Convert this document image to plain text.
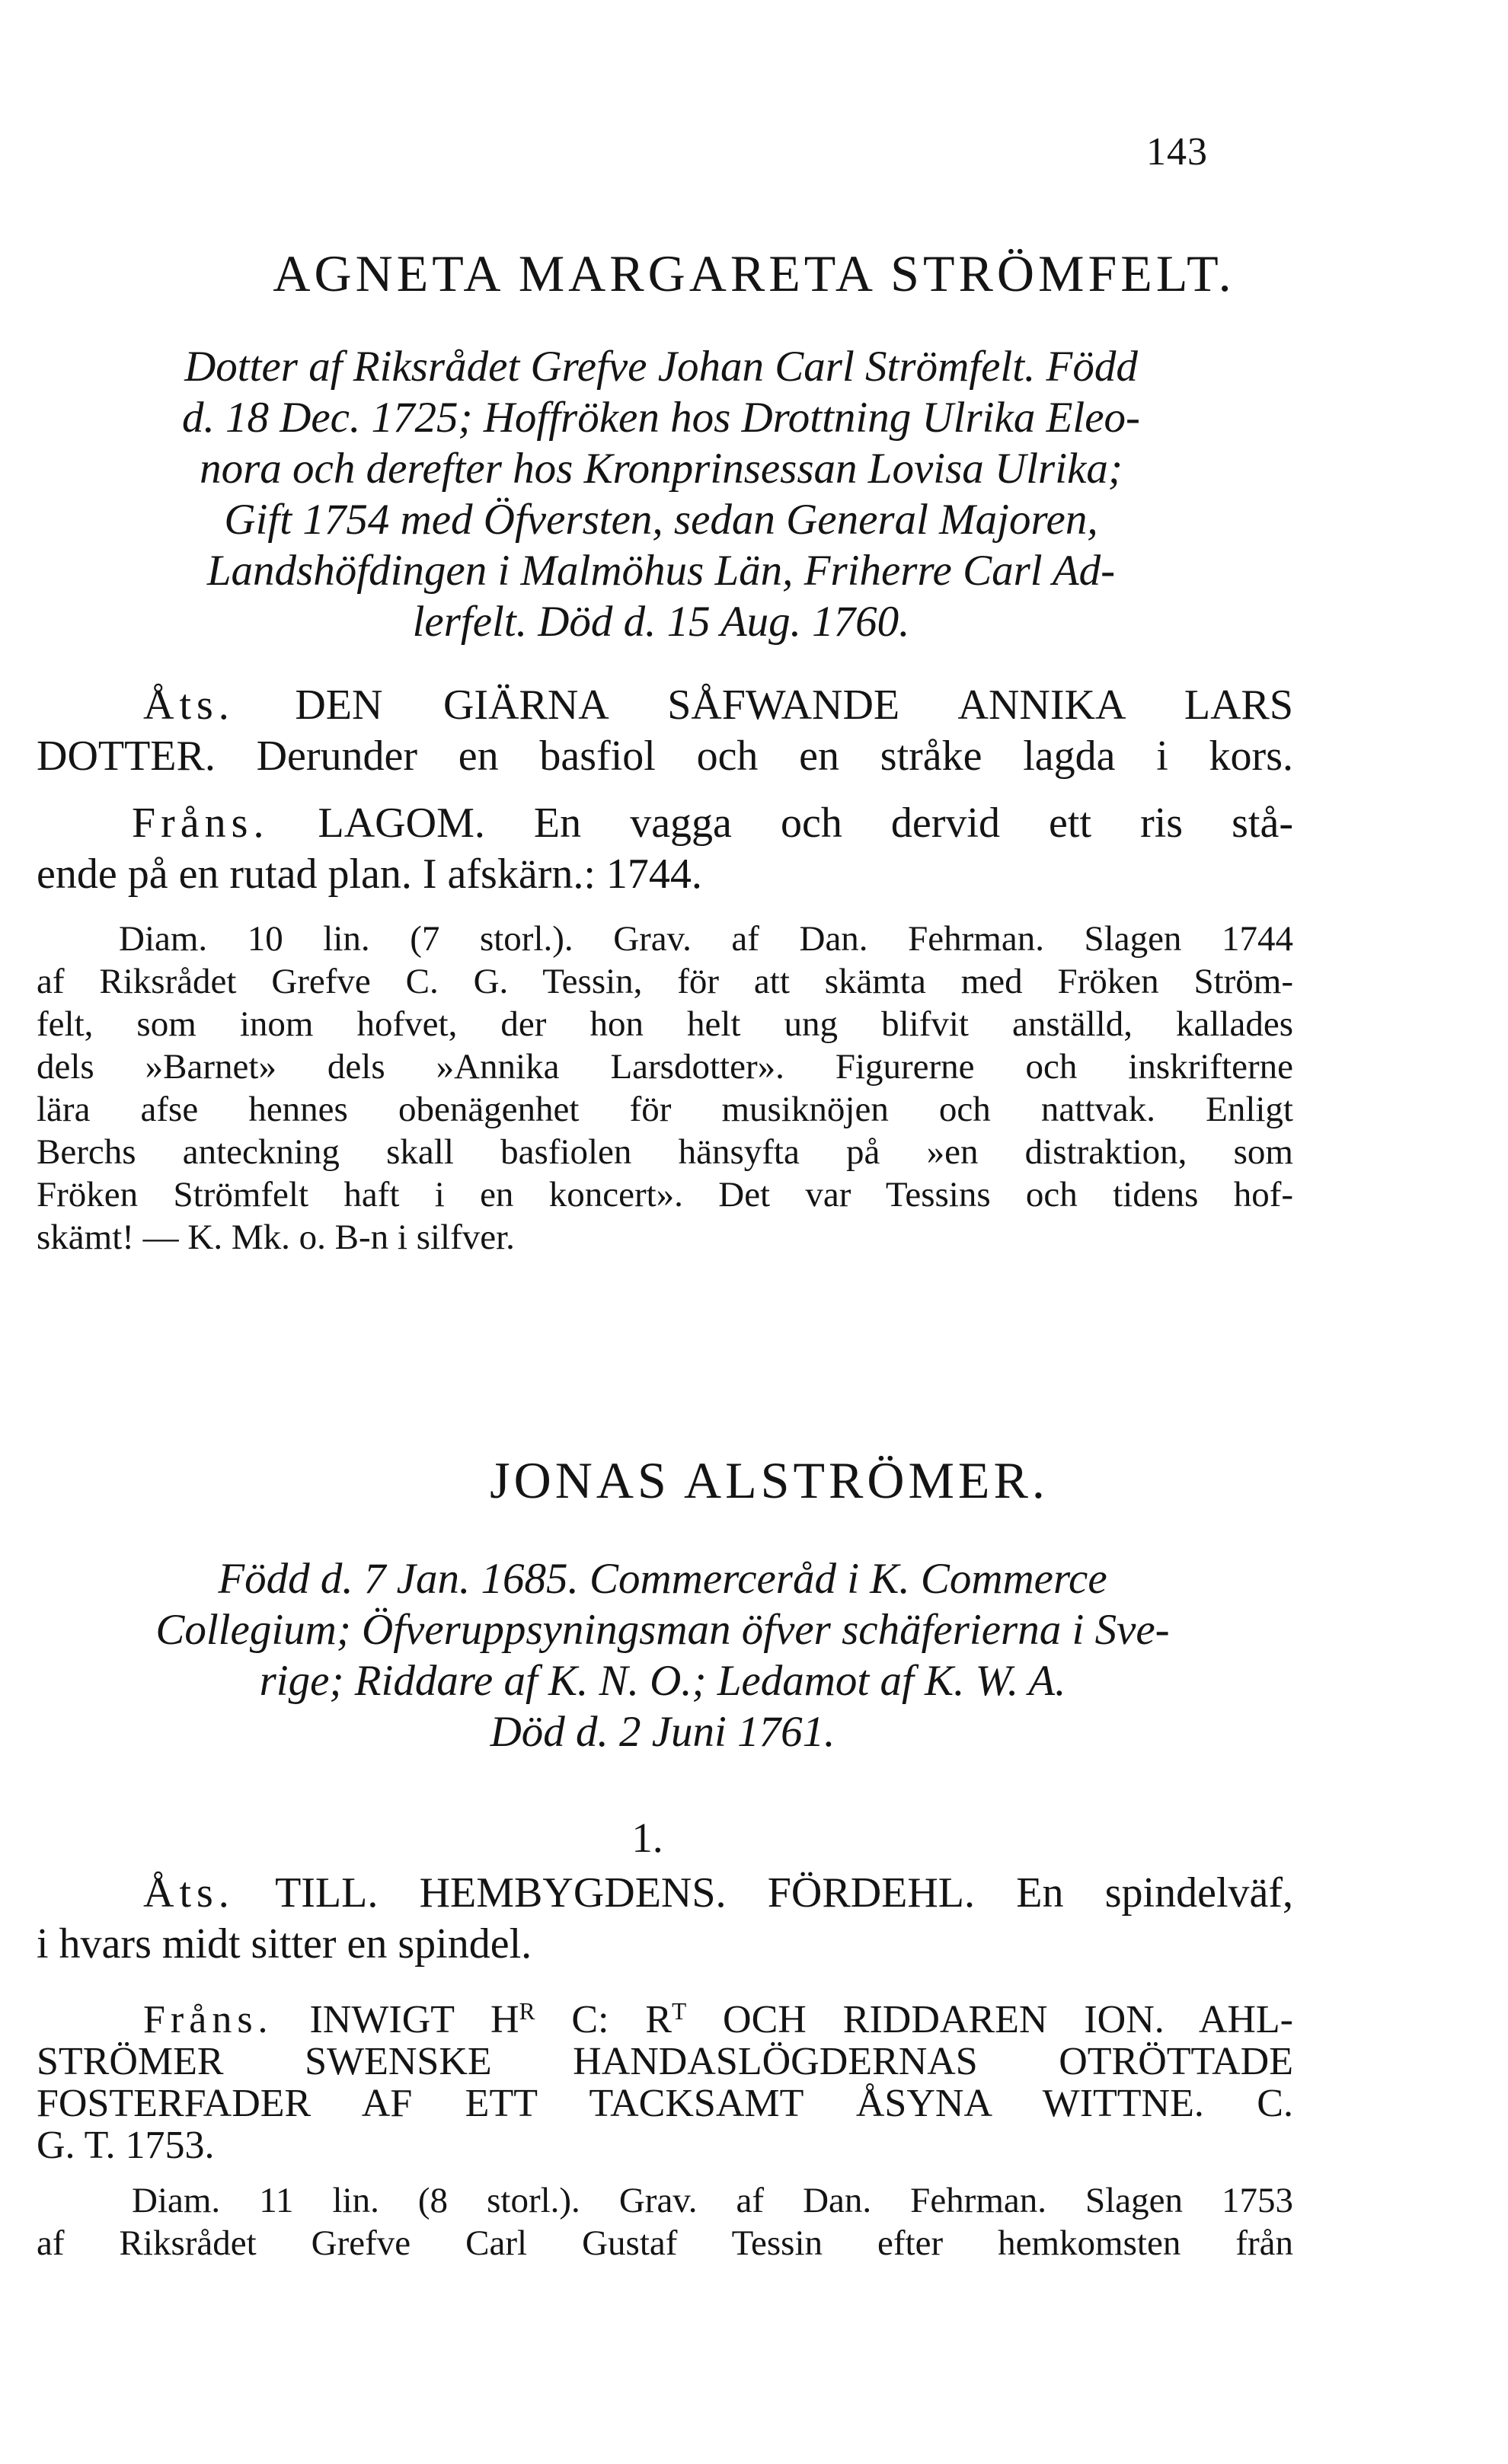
143
AGNETA MARGARETA STRÖMFELT.

Dotter af Riksrådet Grefve Johan Carl Strömfelt. Född

d. 18 Dec. 1725; Hoffröken hos Drottning Ulrika Eleo-

nora och derefter hos Kronprinsessan Lovisa Ulrika;

Gift 1754 med Öfversten, sedan General Majoren,

Landshöfdingen i Malmöhus Län, Friherre Carl Ad-

lerfelt. Död d. 15 Aug. 1760.

Åts. DEN GIÄRNA SÅFWANDE ANNIKA LARS
DOTTER. Derunder en basfiol och en stråke lagda i kors.
Fråns. LAGOM. En vagga och dervid ett ris stå-
ende på en rutad plan. I afskärn.: 1744.
Diam. 10 lin. (7 storl.). Grav. af Dan. Fehrman. Slagen 1744
af Riksrådet Grefve C. G. Tessin, för att skämta med Fröken Ström-
felt, som inom hofvet, der hon helt ung blifvit anställd, kallades
dels »Barnet» dels »Annika Larsdotter». Figurerne och inskrifterne
lära afse hennes obenägenhet för musiknöjen och nattvak. Enligt
Berchs anteckning skall basfiolen hänsyfta på »en distraktion, som
Fröken Strömfelt haft i en koncert». Det var Tessins och tidens hof-
skämt! — K. Mk. o. B-n i silfver.
JONAS ALSTRÖMER.

Född d. 7 Jan. 1685. Commerceråd i K. Commerce

Collegium; Öfveruppsyningsman öfver schäferierna i Sve-

rige; Riddare af K. N. O.; Ledamot af K. W. A.

Död d. 2 Juni 1761.

1.
Åts. TILL. HEMBYGDENS. FÖRDEHL. En spindelväf,
i hvars midt sitter en spindel.
Fråns. INWIGT $H^R$ C: $R^T$ OCH RIDDAREN ION. AHL-
STRÖMER SWENSKE HANDASLÖGDERNAS OTRÖTTADE
FOSTERFADER AF ETT TACKSAMT ÅSYNA WITTNE. C.
G. T. 1753.
Diam. 11 lin. (8 storl.). Grav. af Dan. Fehrman. Slagen 1753
af Riksrådet Grefve Carl Gustaf Tessin efter hemkomsten från
